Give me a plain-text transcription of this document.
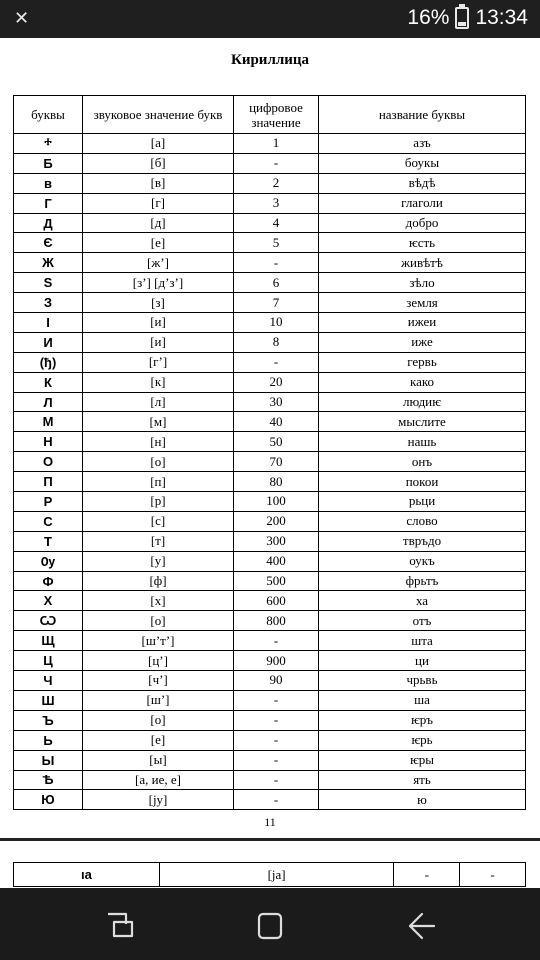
✕	16% 13:34
Кириллица
буквы	звуковое значение букв	цифровое значение	название буквы
ⰰ	[а]	1	азъ
Б	[б]	-	боукы
в	[в]	2	вѣдѣ
Г	[г]	3	глаголи
Д	[д]	4	добро
Є	[е]	5	ѥсть
Ж	[ж’]	-	живѣтѣ
Ѕ	[з’] [д’з’]	6	зѣло
З	[з]	7	земля
І	[и]	10	ижеи
И	[и]	8	иже
(ђ)	[г’]	-	гервь
К	[к]	20	како
Л	[л]	30	людиѥ
М	[м]	40	мыслите
Н	[н]	50	нашь
О	[о]	70	онъ
П	[п]	80	покои
Р	[р]	100	рьци
С	[с]	200	слово
Т	[т]	300	твръдо
Ѹ	[у]	400	оукъ
Ф	[ф]	500	фрьтъ
Х	[х]	600	ха
Ѡ	[о]	800	отъ
Щ	[ш’т’]	-	шта
Ц	[ц’]	900	ци
Ч	[ч’]	90	чрьвь
Ш	[ш’]	-	ша
Ъ	[о]	-	ѥръ
Ь	[е]	-	ѥрь
Ы	[ы]	-	ѥры
Ѣ	[а, ие, е]	-	ять
Ю	[ју]	-	ю
11
ıа	[ја]	-	-
